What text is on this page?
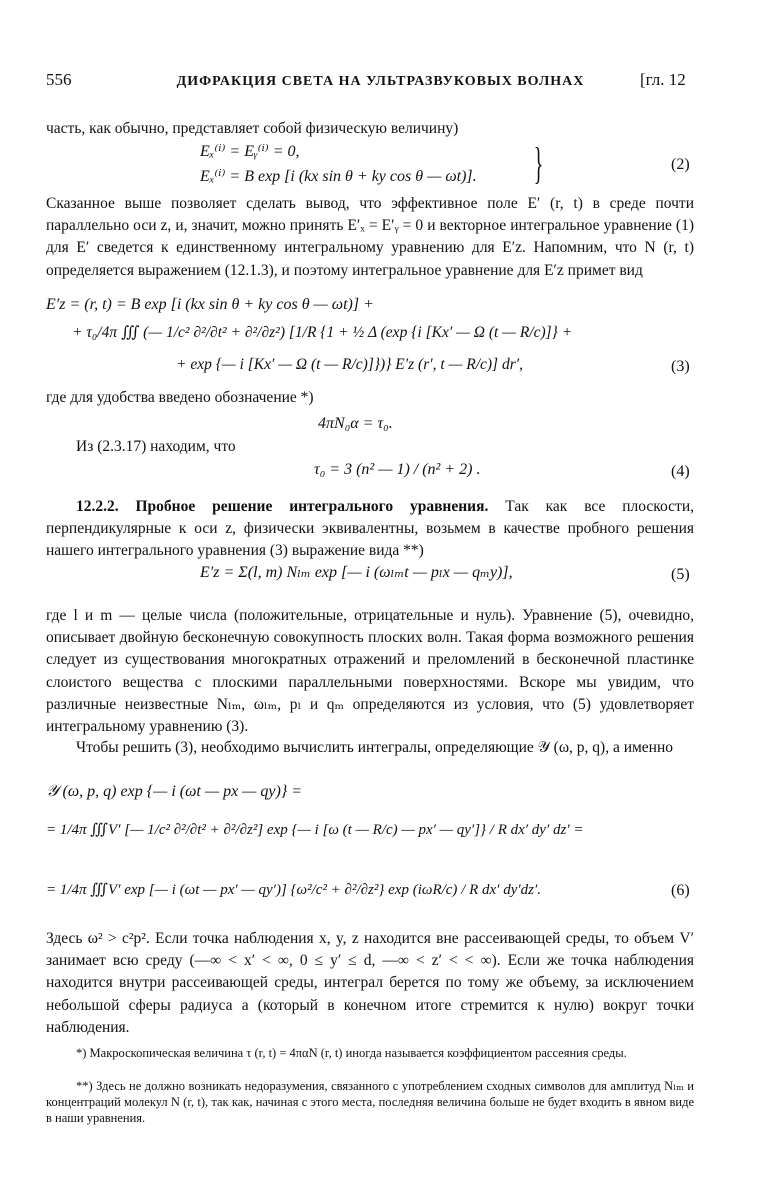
556	ДИФРАКЦИЯ СВЕТА НА УЛЬТРАЗВУКОВЫХ ВОЛНАХ	[гл. 12
часть, как обычно, представляет собой физическую величину)
Eₓ⁽ⁱ⁾ = Eᵧ⁽ⁱ⁾ = 0,
Eₓ⁽ⁱ⁾ = B exp [i (kx sin θ + ky cos θ — ωt)]. }	(2)
Сказанное выше позволяет сделать вывод, что эффективное поле E′ (r, t) в среде почти параллельно оси z, и, значит, можно принять E′ₓ = E′ᵧ = 0 и векторное интегральное уравнение (1) для E′ сведется к единственному интегральному уравнению для E′z. Напомним, что N (r, t) определяется выражением (12.1.3), и поэтому интегральное уравнение для E′z примет вид
E′z = (r, t) = B exp [i (kx sin θ + ky cos θ — ωt)] +
+ τ₀/4π ∭ (— 1/c² ∂²/∂t² + ∂²/∂z²) [1/R {1 + ½ Δ (exp {i [Kx′ — Ω (t — R/c)]} +
+ exp {— i [Kx′ — Ω (t — R/c)]})} E′z (r′, t — R/c)] dr′,	(3)
где для удобства введено обозначение *)
4πN₀α = τ₀.
Из (2.3.17) находим, что
τ₀ = 3 (n² — 1) / (n² + 2) .	(4)
12.2.2. Пробное решение интегрального уравнения. Так как все плоскости, перпендикулярные к оси z, физически эквивалентны, возьмем в качестве пробного решения нашего интегрального уравнения (3) выражение вида **)
E′z = Σ(l, m) Nₗₘ exp [— i (ωₗₘt — pₗx — qₘy)],	(5)
где l и m — целые числа (положительные, отрицательные и нуль). Уравнение (5), очевидно, описывает двойную бесконечную совокупность плоских волн. Такая форма возможного решения следует из существования многократных отражений и преломлений в бесконечной пластинке слоистого вещества с плоскими параллельными поверхностями. Вскоре мы увидим, что различные неизвестные Nₗₘ, ωₗₘ, pₗ и qₘ определяются из условия, что (5) удовлетворяет интегральному уравнению (3).
Чтобы решить (3), необходимо вычислить интегралы, определяющие 𝒴 (ω, p, q), а именно
𝒴 (ω, p, q) exp {— i (ωt — px — qy)} =
= 1/4π ∭V′ [— 1/c² ∂²/∂t² + ∂²/∂z²] exp {— i [ω (t — R/c) — px′ — qy′]} / R dx′ dy′ dz′ =
= 1/4π ∭V′ exp [— i (ωt — px′ — qy′)] {ω²/c² + ∂²/∂z²} exp (iωR/c) / R dx′ dy′dz′.	(6)
Здесь ω² > c²p². Если точка наблюдения x, y, z находится вне рассеивающей среды, то объем V′ занимает всю среду (—∞ < x′ < ∞, 0 ≤ y′ ≤ d, —∞ < z′ < < ∞). Если же точка наблюдения находится внутри рассеивающей среды, интеграл берется по тому же объему, за исключением небольшой сферы радиуса a (который в конечном итоге стремится к нулю) вокруг точки наблюдения.
*) Макроскопическая величина τ (r, t) = 4παN (r, t) иногда называется коэффициентом рассеяния среды.
**) Здесь не должно возникать недоразумения, связанного с употреблением сходных символов для амплитуд Nₗₘ и концентраций молекул N (r, t), так как, начиная с этого места, последняя величина больше не будет входить в явном виде в наши уравнения.
